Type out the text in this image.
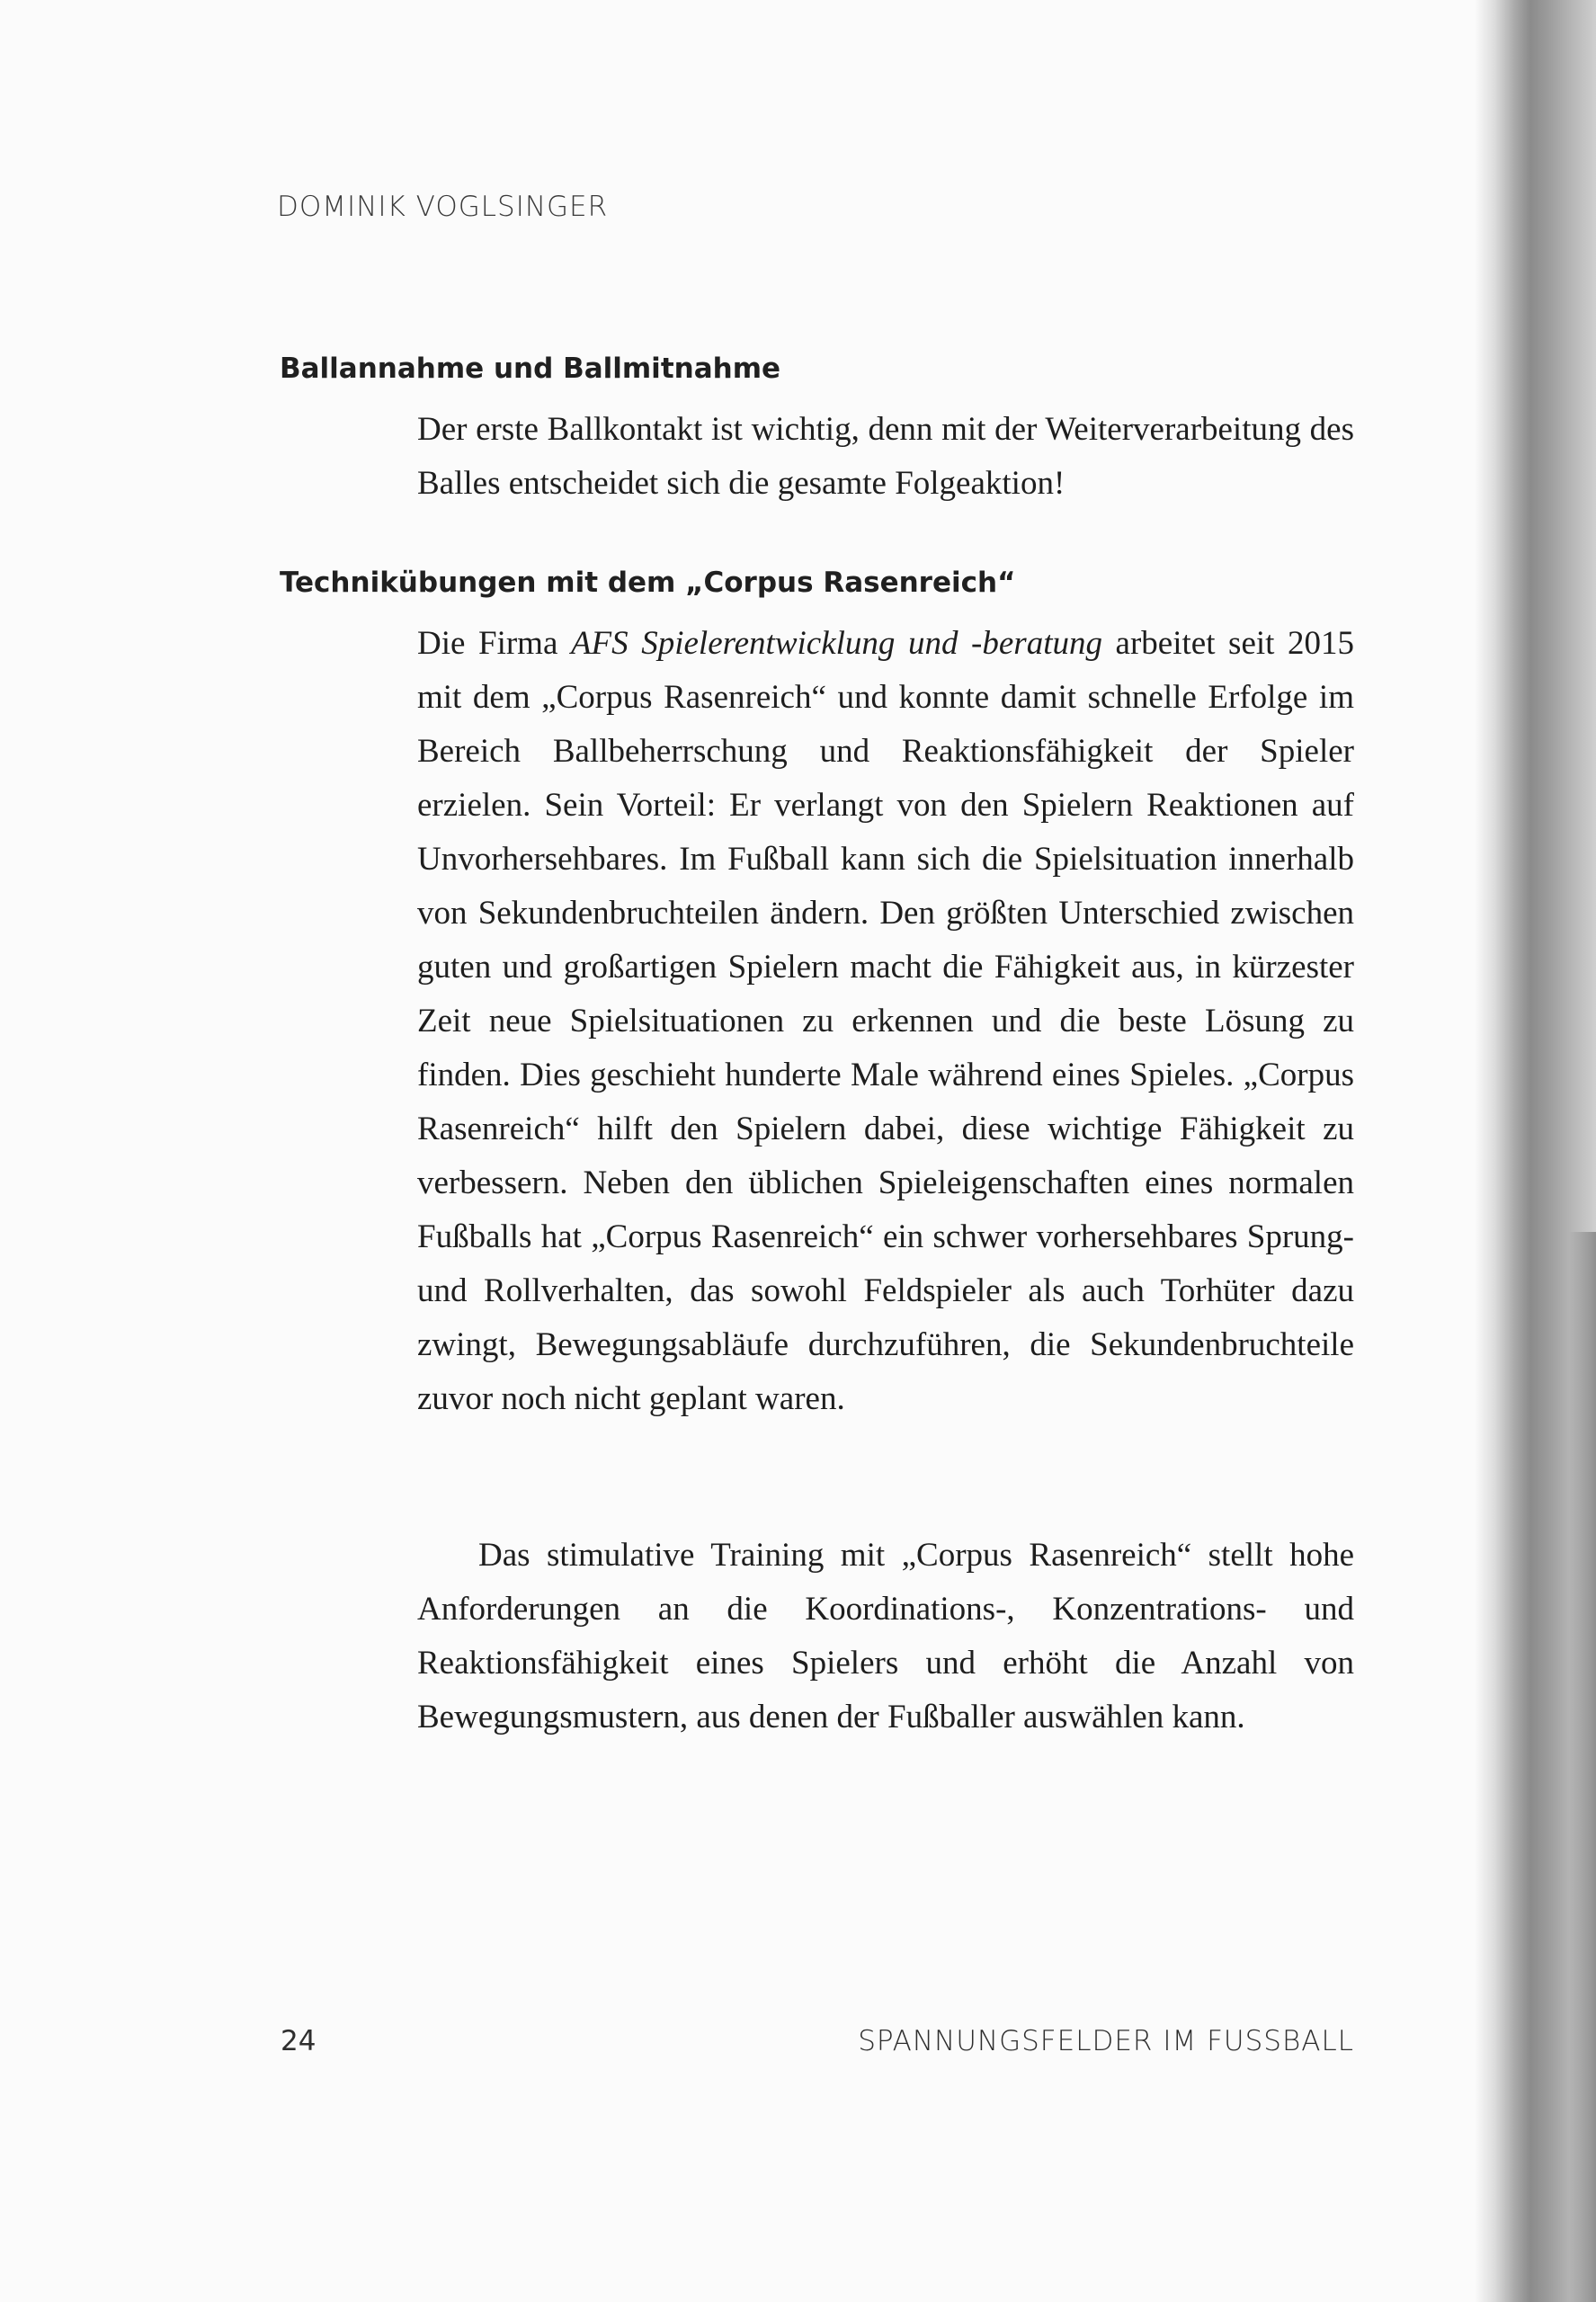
DOMINIK VOGLSINGER
Ballannahme und Ballmitnahme

Der erste Ballkontakt ist wichtig, denn mit der Weiterverarbeitung des Balles entscheidet sich die gesamte Folgeaktion!

Technikübungen mit dem „Corpus Rasenreich“

Die Firma AFS Spielerentwicklung und -beratung arbeitet seit 2015 mit dem „Corpus Rasenreich“ und konnte damit schnelle Erfolge im Bereich Ballbeherrschung und Reaktionsfähigkeit der Spieler erzielen. Sein Vorteil: Er verlangt von den Spielern Reaktionen auf Unvorhersehbares. Im Fußball kann sich die Spielsituation innerhalb von Sekundenbruchteilen ändern. Den größten Unterschied zwischen guten und großartigen Spielern macht die Fähigkeit aus, in kürzester Zeit neue Spielsituationen zu erkennen und die beste Lösung zu finden. Dies geschieht hunderte Male während eines Spieles. „Corpus Rasenreich“ hilft den Spielern dabei, diese wichtige Fähigkeit zu verbessern. Neben den üblichen Spieleigenschaften eines normalen Fußballs hat „Corpus Rasenreich“ ein schwer vorhersehbares Sprung- und Rollverhalten, das sowohl Feldspieler als auch Torhüter dazu zwingt, Bewegungsabläufe durchzuführen, die Sekundenbruchteile zuvor noch nicht geplant waren.

Das stimulative Training mit „Corpus Rasenreich“ stellt hohe Anforderungen an die Koordinations-, Konzentrations- und Reaktionsfähigkeit eines Spielers und erhöht die Anzahl von Bewegungsmustern, aus denen der Fußballer auswählen kann.

24	SPANNUNGSFELDER IM FUSSBALL
